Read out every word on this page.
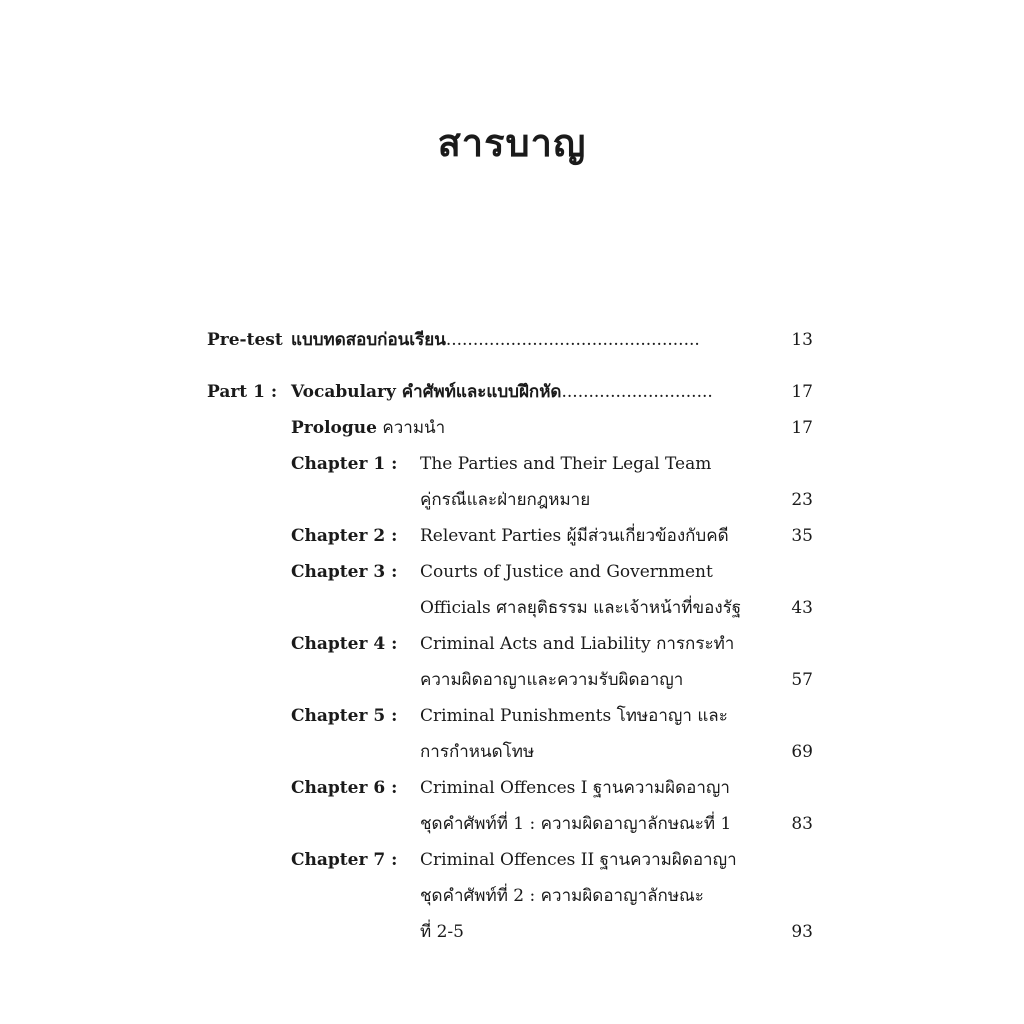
สารบาญ
Pre-test แบบทดสอบก่อนเรียน...............................................	13
Part 1 : Vocabulary คำศัพท์และแบบฝึกหัด............................	17
Prologue ความนำ	17
Chapter 1 : The Parties and Their Legal Team
คู่กรณีและฝ่ายกฎหมาย	23
Chapter 2 : Relevant Parties ผู้มีส่วนเกี่ยวข้องกับคดี	35
Chapter 3 : Courts of Justice and Government
Officials ศาลยุติธรรม และเจ้าหน้าที่ของรัฐ	43
Chapter 4 : Criminal Acts and Liability การกระทำ
ความผิดอาญาและความรับผิดอาญา	57
Chapter 5 : Criminal Punishments โทษอาญา และ
การกำหนดโทษ	69
Chapter 6 : Criminal Offences I ฐานความผิดอาญา
ชุดคำศัพท์ที่ 1 : ความผิดอาญาลักษณะที่ 1	83
Chapter 7 : Criminal Offences II ฐานความผิดอาญา
ชุดคำศัพท์ที่ 2 : ความผิดอาญาลักษณะ
ที่ 2-5	93
